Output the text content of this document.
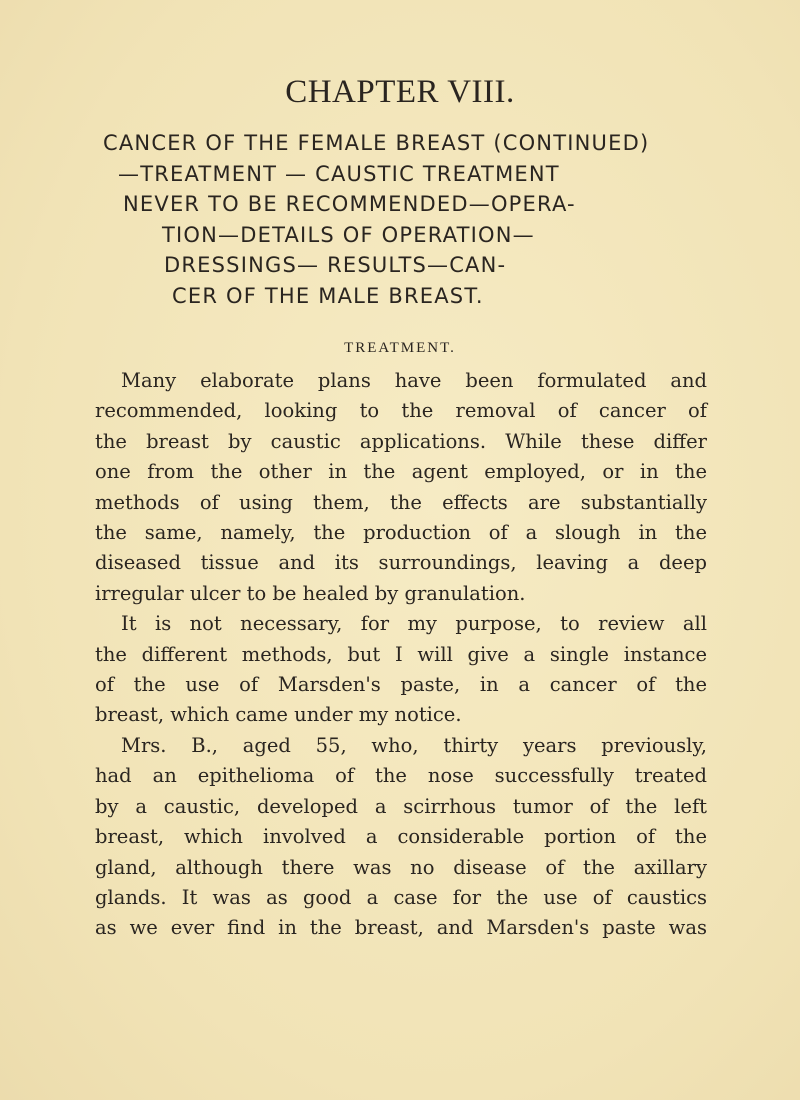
CHAPTER VIII.
CANCER OF THE FEMALE BREAST (CONTINUED)
—TREATMENT — CAUSTIC TREATMENT
NEVER TO BE RECOMMENDED—OPERA-
TION—DETAILS OF OPERATION—
DRESSINGS— RESULTS—CAN-
CER OF THE MALE BREAST.
TREATMENT.
Many elaborate plans have been formulated and
recommended, looking to the removal of cancer of
the breast by caustic applications. While these differ
one from the other in the agent employed, or in the
methods of using them, the effects are substantially
the same, namely, the production of a slough in the
diseased tissue and its surroundings, leaving a deep
irregular ulcer to be healed by granulation.
It is not necessary, for my purpose, to review all
the different methods, but I will give a single instance
of the use of Marsden's paste, in a cancer of the
breast, which came under my notice.
Mrs. B., aged 55, who, thirty years previously,
had an epithelioma of the nose successfully treated
by a caustic, developed a scirrhous tumor of the left
breast, which involved a considerable portion of the
gland, although there was no disease of the axillary
glands. It was as good a case for the use of caustics
as we ever find in the breast, and Marsden's paste was
